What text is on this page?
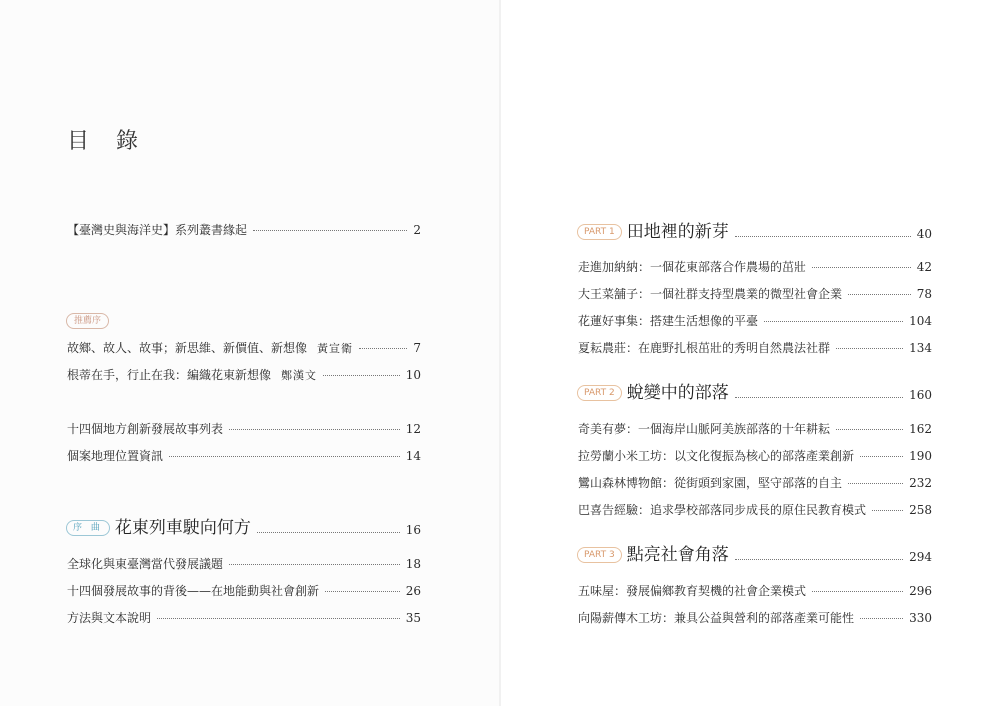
目 錄
【臺灣史與海洋史】系列叢書緣起	2
推薦序
故鄉、故人、故事；新思維、新價值、新想像 黃宣衛	7
根蒂在手，行止在我：編織花東新想像 鄭漢文	10
十四個地方創新發展故事列表	12
個案地理位置資訊	14
序 曲 花東列車駛向何方	16
全球化與東臺灣當代發展議題	18
十四個發展故事的背後——在地能動與社會創新	26
方法與文本說明	35
PART 1 田地裡的新芽	40
走進加納納：一個花東部落合作農場的茁壯	42
大王菜舖子：一個社群支持型農業的微型社會企業	78
花蓮好事集：搭建生活想像的平臺	104
夏耘農莊：在鹿野扎根茁壯的秀明自然農法社群	134
PART 2 蛻變中的部落	160
奇美有夢：一個海岸山脈阿美族部落的十年耕耘	162
拉勞蘭小米工坊：以文化復振為核心的部落產業創新	190
鸞山森林博物館：從街頭到家園，堅守部落的自主	232
巴喜告經驗：追求學校部落同步成長的原住民教育模式	258
PART 3 點亮社會角落	294
五味屋：發展偏鄉教育契機的社會企業模式	296
向陽薪傳木工坊：兼具公益與營利的部落產業可能性	330
